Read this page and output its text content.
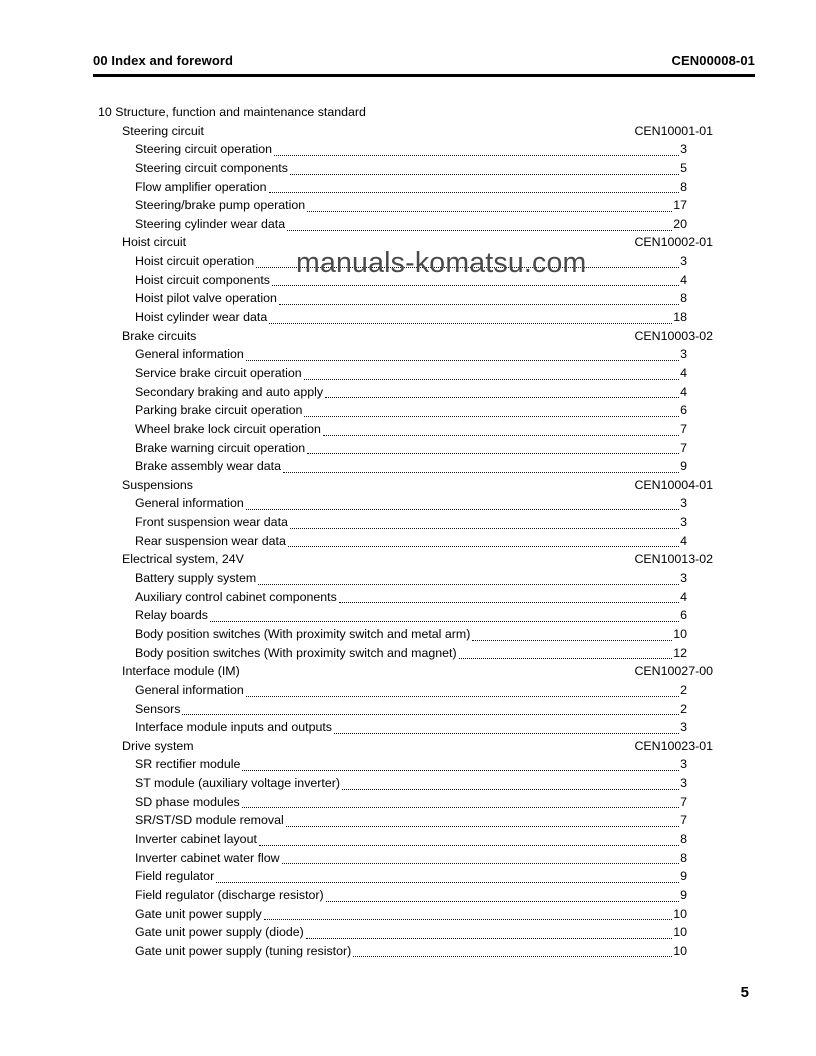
00 Index and foreword	CEN00008-01
10 Structure, function and maintenance standard
Steering circuit	CEN10001-01
Steering circuit operation	3
Steering circuit components	5
Flow amplifier operation	8
Steering/brake pump operation	17
Steering cylinder wear data	20
Hoist circuit	CEN10002-01
Hoist circuit operation	3
Hoist circuit components	4
Hoist pilot valve operation	8
Hoist cylinder wear data	18
Brake circuits	CEN10003-02
General information	3
Service brake circuit operation	4
Secondary braking and auto apply	4
Parking brake circuit operation	6
Wheel brake lock circuit operation	7
Brake warning circuit operation	7
Brake assembly wear data	9
Suspensions	CEN10004-01
General information	3
Front suspension wear data	3
Rear suspension wear data	4
Electrical system, 24V	CEN10013-02
Battery supply system	3
Auxiliary control cabinet components	4
Relay boards	6
Body position switches (With proximity switch and metal arm)	10
Body position switches (With proximity switch and magnet)	12
Interface module (IM)	CEN10027-00
General information	2
Sensors	2
Interface module inputs and outputs	3
Drive system	CEN10023-01
SR rectifier module	3
ST module (auxiliary voltage inverter)	3
SD phase modules	7
SR/ST/SD module removal	7
Inverter cabinet layout	8
Inverter cabinet water flow	8
Field regulator	9
Field regulator (discharge resistor)	9
Gate unit power supply	10
Gate unit power supply (diode)	10
Gate unit power supply (tuning resistor)	10
manuals-komatsu.com
5
